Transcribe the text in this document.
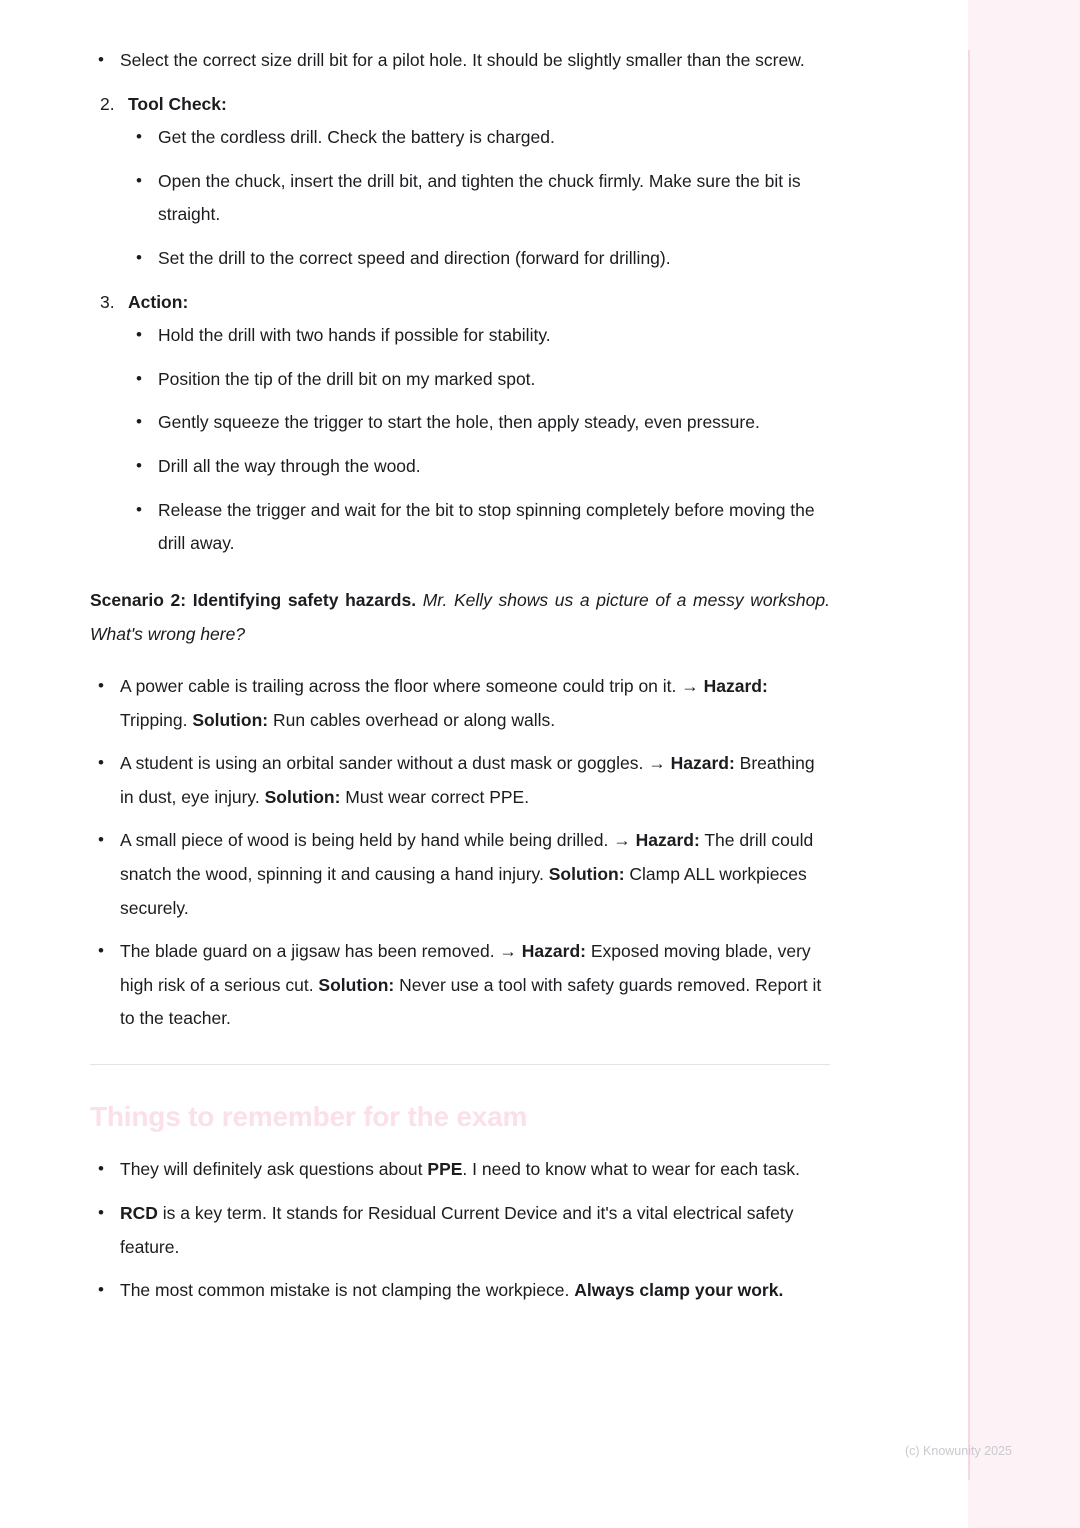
• Select the correct size drill bit for a pilot hole. It should be slightly smaller than the screw.
2. Tool Check:
• Get the cordless drill. Check the battery is charged.
• Open the chuck, insert the drill bit, and tighten the chuck firmly. Make sure the bit is straight.
• Set the drill to the correct speed and direction (forward for drilling).
3. Action:
• Hold the drill with two hands if possible for stability.
• Position the tip of the drill bit on my marked spot.
• Gently squeeze the trigger to start the hole, then apply steady, even pressure.
• Drill all the way through the wood.
• Release the trigger and wait for the bit to stop spinning completely before moving the drill away.

Scenario 2: Identifying safety hazards. Mr. Kelly shows us a picture of a messy workshop. What's wrong here?

• A power cable is trailing across the floor where someone could trip on it. → Hazard: Tripping. Solution: Run cables overhead or along walls.
• A student is using an orbital sander without a dust mask or goggles. → Hazard: Breathing in dust, eye injury. Solution: Must wear correct PPE.
• A small piece of wood is being held by hand while being drilled. → Hazard: The drill could snatch the wood, spinning it and causing a hand injury. Solution: Clamp ALL workpieces securely.
• The blade guard on a jigsaw has been removed. → Hazard: Exposed moving blade, very high risk of a serious cut. Solution: Never use a tool with safety guards removed. Report it to the teacher.
Things to remember for the exam
• They will definitely ask questions about PPE. I need to know what to wear for each task.
• RCD is a key term. It stands for Residual Current Device and it's a vital electrical safety feature.
• The most common mistake is not clamping the workpiece. Always clamp your work.
(c) Knowunity 2025
